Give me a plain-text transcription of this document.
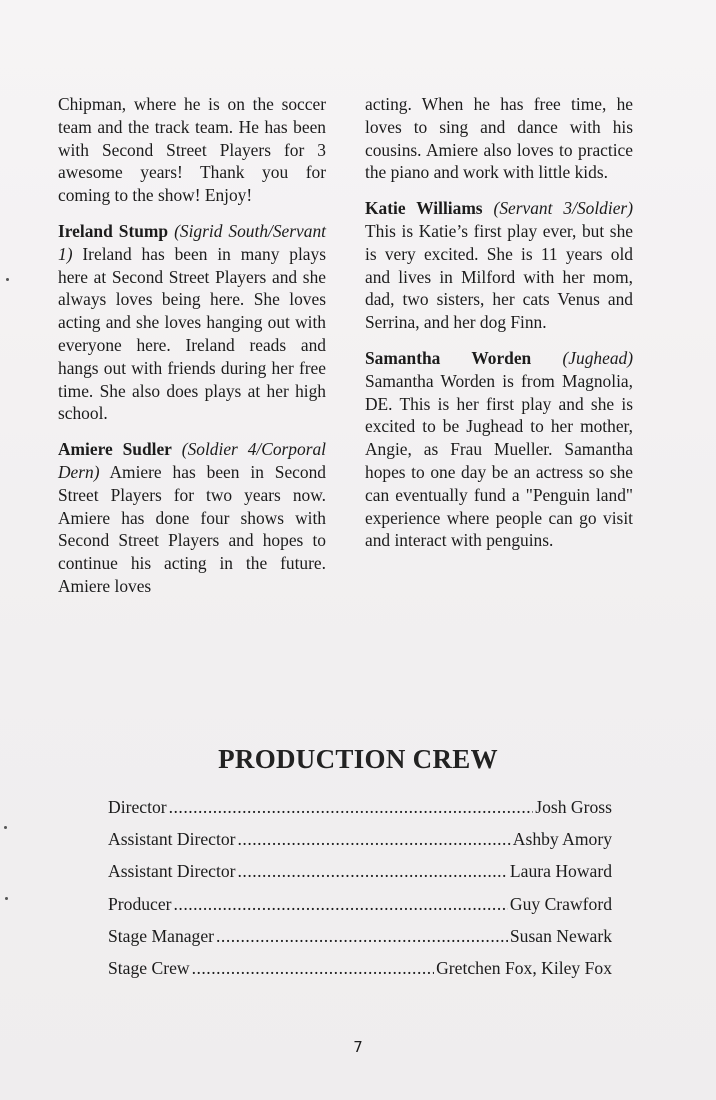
Chipman, where he is on the soccer team and the track team. He has been with Second Street Players for 3 awesome years! Thank you for coming to the show! Enjoy!

Ireland Stump (Sigrid South/Servant 1) Ireland has been in many plays here at Second Street Players and she always loves being here. She loves acting and she loves hanging out with everyone here. Ireland reads and hangs out with friends during her free time. She also does plays at her high school.

Amiere Sudler (Soldier 4/Corporal Dern) Amiere has been in Second Street Players for two years now. Amiere has done four shows with Second Street Players and hopes to continue his acting in the future. Amiere loves

acting. When he has free time, he loves to sing and dance with his cousins. Amiere also loves to practice the piano and work with little kids.

Katie Williams (Servant 3/Soldier) This is Katie’s first play ever, but she is very excited. She is 11 years old and lives in Milford with her mom, dad, two sisters, her cats Venus and Serrina, and her dog Finn.

Samantha Worden (Jughead) Samantha Worden is from Magnolia, DE. This is her first play and she is excited to be Jughead to her mother, Angie, as Frau Mueller. Samantha hopes to one day be an actress so she can eventually fund a "Penguin land" experience where people can go visit and interact with penguins.

PRODUCTION CREW
Director .....	Josh Gross
Assistant Director .....	Ashby Amory
Assistant Director .....	Laura Howard
Producer .....	Guy Crawford
Stage Manager .....	Susan Newark
Stage Crew .....	Gretchen Fox, Kiley Fox
7
